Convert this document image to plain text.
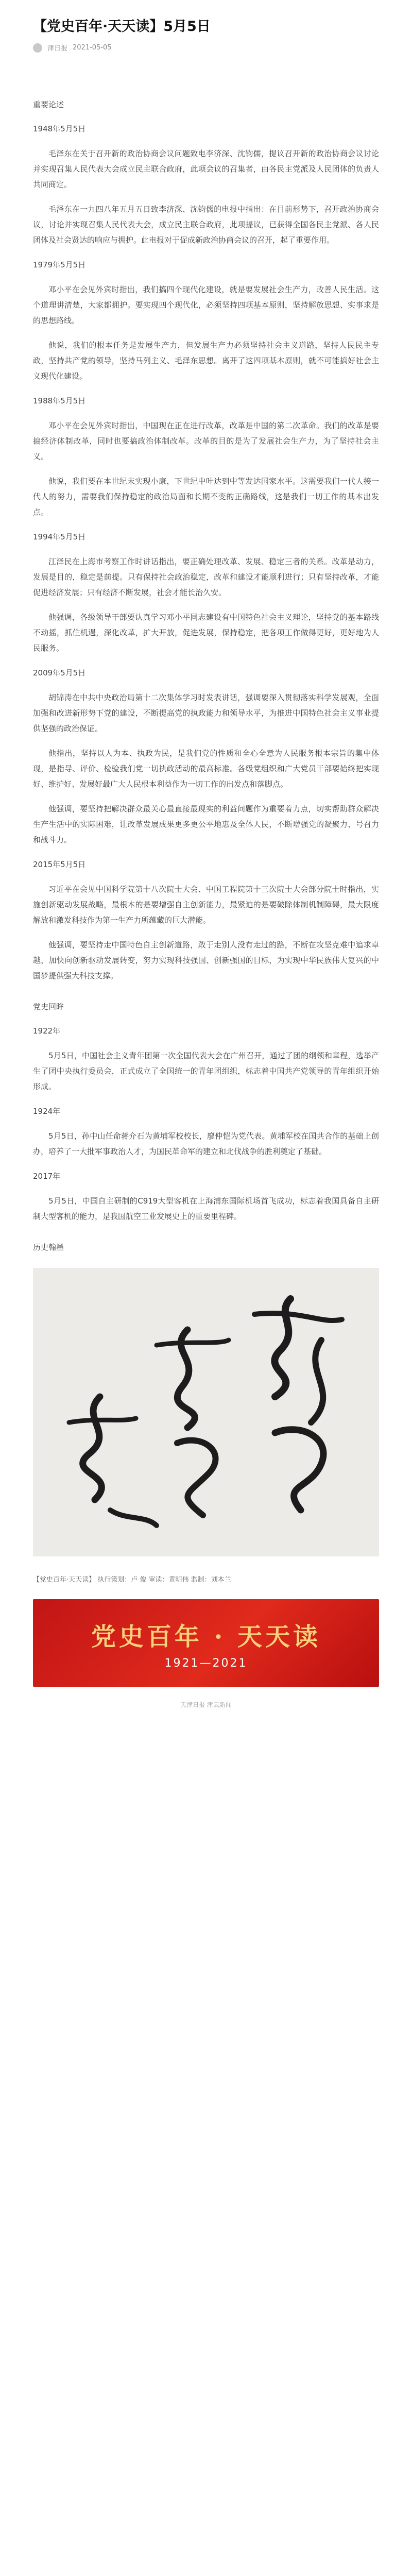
【党史百年·天天读】5月5日
津日报 2021-05-05
重要论述
1948年5月5日

毛泽东在关于召开新的政治协商会议问题致电李济深、沈钧儒，提议召开新的政治协商会议讨论并实现召集人民代表大会成立民主联合政府，此项会议的召集者，由各民主党派及人民团体的负责人共同商定。

毛泽东在一九四八年五月五日致李济深、沈钧儒的电报中指出：在目前形势下，召开政治协商会议，讨论并实现召集人民代表大会，成立民主联合政府，此项提议，已获得全国各民主党派、各人民团体及社会贤达的响应与拥护。此电报对于促成新政治协商会议的召开，起了重要作用。

1979年5月5日

邓小平在会见外宾时指出，我们搞四个现代化建设，就是要发展社会生产力，改善人民生活。这个道理讲清楚，大家都拥护。要实现四个现代化，必须坚持四项基本原则，坚持解放思想、实事求是的思想路线。

他说，我们的根本任务是发展生产力，但发展生产力必须坚持社会主义道路，坚持人民民主专政，坚持共产党的领导，坚持马列主义、毛泽东思想。离开了这四项基本原则，就不可能搞好社会主义现代化建设。

1988年5月5日

邓小平在会见外宾时指出，中国现在正在进行改革，改革是中国的第二次革命。我们的改革是要搞经济体制改革，同时也要搞政治体制改革。改革的目的是为了发展社会生产力，为了坚持社会主义。

他说，我们要在本世纪末实现小康，下世纪中叶达到中等发达国家水平。这需要我们一代人接一代人的努力，需要我们保持稳定的政治局面和长期不变的正确路线，这是我们一切工作的基本出发点。

1994年5月5日

江泽民在上海市考察工作时讲话指出，要正确处理改革、发展、稳定三者的关系。改革是动力，发展是目的，稳定是前提。只有保持社会政治稳定，改革和建设才能顺利进行；只有坚持改革，才能促进经济发展；只有经济不断发展，社会才能长治久安。

他强调，各级领导干部要认真学习邓小平同志建设有中国特色社会主义理论，坚持党的基本路线不动摇，抓住机遇，深化改革，扩大开放，促进发展，保持稳定，把各项工作做得更好，更好地为人民服务。

2009年5月5日

胡锦涛在中共中央政治局第十二次集体学习时发表讲话，强调要深入贯彻落实科学发展观，全面加强和改进新形势下党的建设，不断提高党的执政能力和领导水平，为推进中国特色社会主义事业提供坚强的政治保证。

他指出，坚持以人为本、执政为民，是我们党的性质和全心全意为人民服务根本宗旨的集中体现，是指导、评价、检验我们党一切执政活动的最高标准。各级党组织和广大党员干部要始终把实现好、维护好、发展好最广大人民根本利益作为一切工作的出发点和落脚点。

他强调，要坚持把解决群众最关心最直接最现实的利益问题作为重要着力点，切实帮助群众解决生产生活中的实际困难，让改革发展成果更多更公平地惠及全体人民，不断增强党的凝聚力、号召力和战斗力。

2015年5月5日

习近平在会见中国科学院第十八次院士大会、中国工程院第十三次院士大会部分院士时指出，实施创新驱动发展战略，最根本的是要增强自主创新能力，最紧迫的是要破除体制机制障碍，最大限度解放和激发科技作为第一生产力所蕴藏的巨大潜能。

他强调，要坚持走中国特色自主创新道路，敢于走别人没有走过的路，不断在攻坚克难中追求卓越，加快向创新驱动发展转变，努力实现科技强国、创新强国的目标，为实现中华民族伟大复兴的中国梦提供强大科技支撑。

党史回眸
1922年

5月5日，中国社会主义青年团第一次全国代表大会在广州召开，通过了团的纲领和章程，选举产生了团中央执行委员会，正式成立了全国统一的青年团组织，标志着中国共产党领导的青年组织开始形成。

1924年

5月5日，孙中山任命蒋介石为黄埔军校校长，廖仲恺为党代表。黄埔军校在国共合作的基础上创办，培养了一大批军事政治人才，为国民革命军的建立和北伐战争的胜利奠定了基础。

2017年

5月5日，中国自主研制的C919大型客机在上海浦东国际机场首飞成功，标志着我国具备自主研制大型客机的能力，是我国航空工业发展史上的重要里程碑。

历史翰墨
【党史百年·天天读】 执行策划：卢 俊 审读：黄明伟 监制：刘本兰
党史百年 · 天天读
1921—2021
天津日报 津云新闻
